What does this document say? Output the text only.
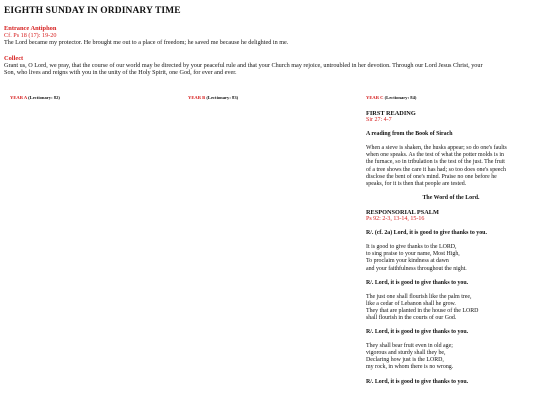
EIGHTH SUNDAY IN ORDINARY TIME
Entrance Antiphon
Cf. Ps 18 (17): 19-20
The Lord became my protector. He brought me out to a place of freedom; he saved me because he delighted in me.
Collect
Grant us, O Lord, we pray, that the course of our world may be directed by your peaceful rule and that your Church may rejoice, untroubled in her devotion. Through our Lord Jesus Christ, your
Son, who lives and reigns with you in the unity of the Holy Spirit, one God, for ever and ever.
YEAR A (Lectionary: 82)	YEAR B (Lectionary: 83)	YEAR C (Lectionary: 84)

FIRST READING

Sir 27: 4-7

A reading from the Book of Sirach

When a sieve is shaken, the husks appear; so do one's faults

when one speaks. As the test of what the potter molds is in

the furnace, so in tribulation is the test of the just. The fruit

of a tree shows the care it has had; so too does one's speech

disclose the bent of one's mind. Praise no one before he

speaks, for it is then that people are tested.

The Word of the Lord.

RESPONSORIAL PSALM

Ps 92: 2-3, 13-14, 15-16

R/. (cf. 2a) Lord, it is good to give thanks to you.

It is good to give thanks to the LORD,

to sing praise to your name, Most High,

To proclaim your kindness at dawn

and your faithfulness throughout the night.

R/. Lord, it is good to give thanks to you.

The just one shall flourish like the palm tree,

like a cedar of Lebanon shall he grow.

They that are planted in the house of the LORD

shall flourish in the courts of our God.

R/. Lord, it is good to give thanks to you.

They shall bear fruit even in old age;

vigorous and sturdy shall they be,

Declaring how just is the LORD,

my rock, in whom there is no wrong.

R/. Lord, it is good to give thanks to you.
